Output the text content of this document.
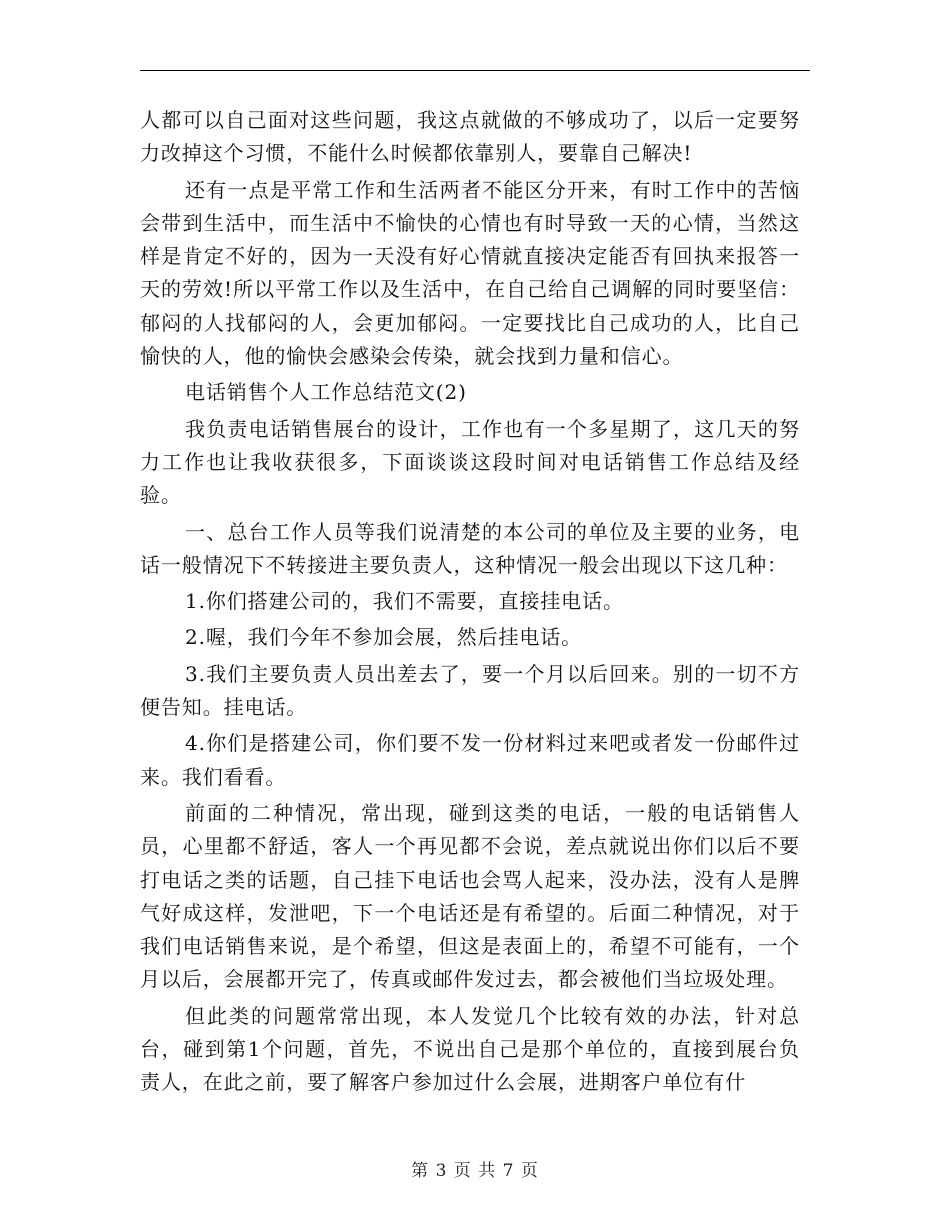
人都可以自己面对这些问题，我这点就做的不够成功了，以后一定要努力改掉这个习惯，不能什么时候都依靠别人，要靠自己解决!

还有一点是平常工作和生活两者不能区分开来，有时工作中的苦恼会带到生活中，而生活中不愉快的心情也有时导致一天的心情，当然这样是肯定不好的，因为一天没有好心情就直接决定能否有回执来报答一天的劳效!所以平常工作以及生活中，在自己给自己调解的同时要坚信：郁闷的人找郁闷的人，会更加郁闷。一定要找比自己成功的人，比自己愉快的人，他的愉快会感染会传染，就会找到力量和信心。

电话销售个人工作总结范文(2)

我负责电话销售展台的设计，工作也有一个多星期了，这几天的努力工作也让我收获很多，下面谈谈这段时间对电话销售工作总结及经验。

一、总台工作人员等我们说清楚的本公司的单位及主要的业务，电话一般情况下不转接进主要负责人，这种情况一般会出现以下这几种：

1.你们搭建公司的，我们不需要，直接挂电话。

2.喔，我们今年不参加会展，然后挂电话。

3.我们主要负责人员出差去了，要一个月以后回来。别的一切不方便告知。挂电话。

4.你们是搭建公司，你们要不发一份材料过来吧或者发一份邮件过来。我们看看。

前面的二种情况，常出现，碰到这类的电话，一般的电话销售人员，心里都不舒适，客人一个再见都不会说，差点就说出你们以后不要打电话之类的话题，自己挂下电话也会骂人起来，没办法，没有人是脾气好成这样，发泄吧，下一个电话还是有希望的。后面二种情况，对于我们电话销售来说，是个希望，但这是表面上的，希望不可能有，一个月以后，会展都开完了，传真或邮件发过去，都会被他们当垃圾处理。

但此类的问题常常出现，本人发觉几个比较有效的办法，针对总台，碰到第1个问题，首先，不说出自己是那个单位的，直接到展台负责人，在此之前，要了解客户参加过什么会展，进期客户单位有什

第 3 页 共 7 页
